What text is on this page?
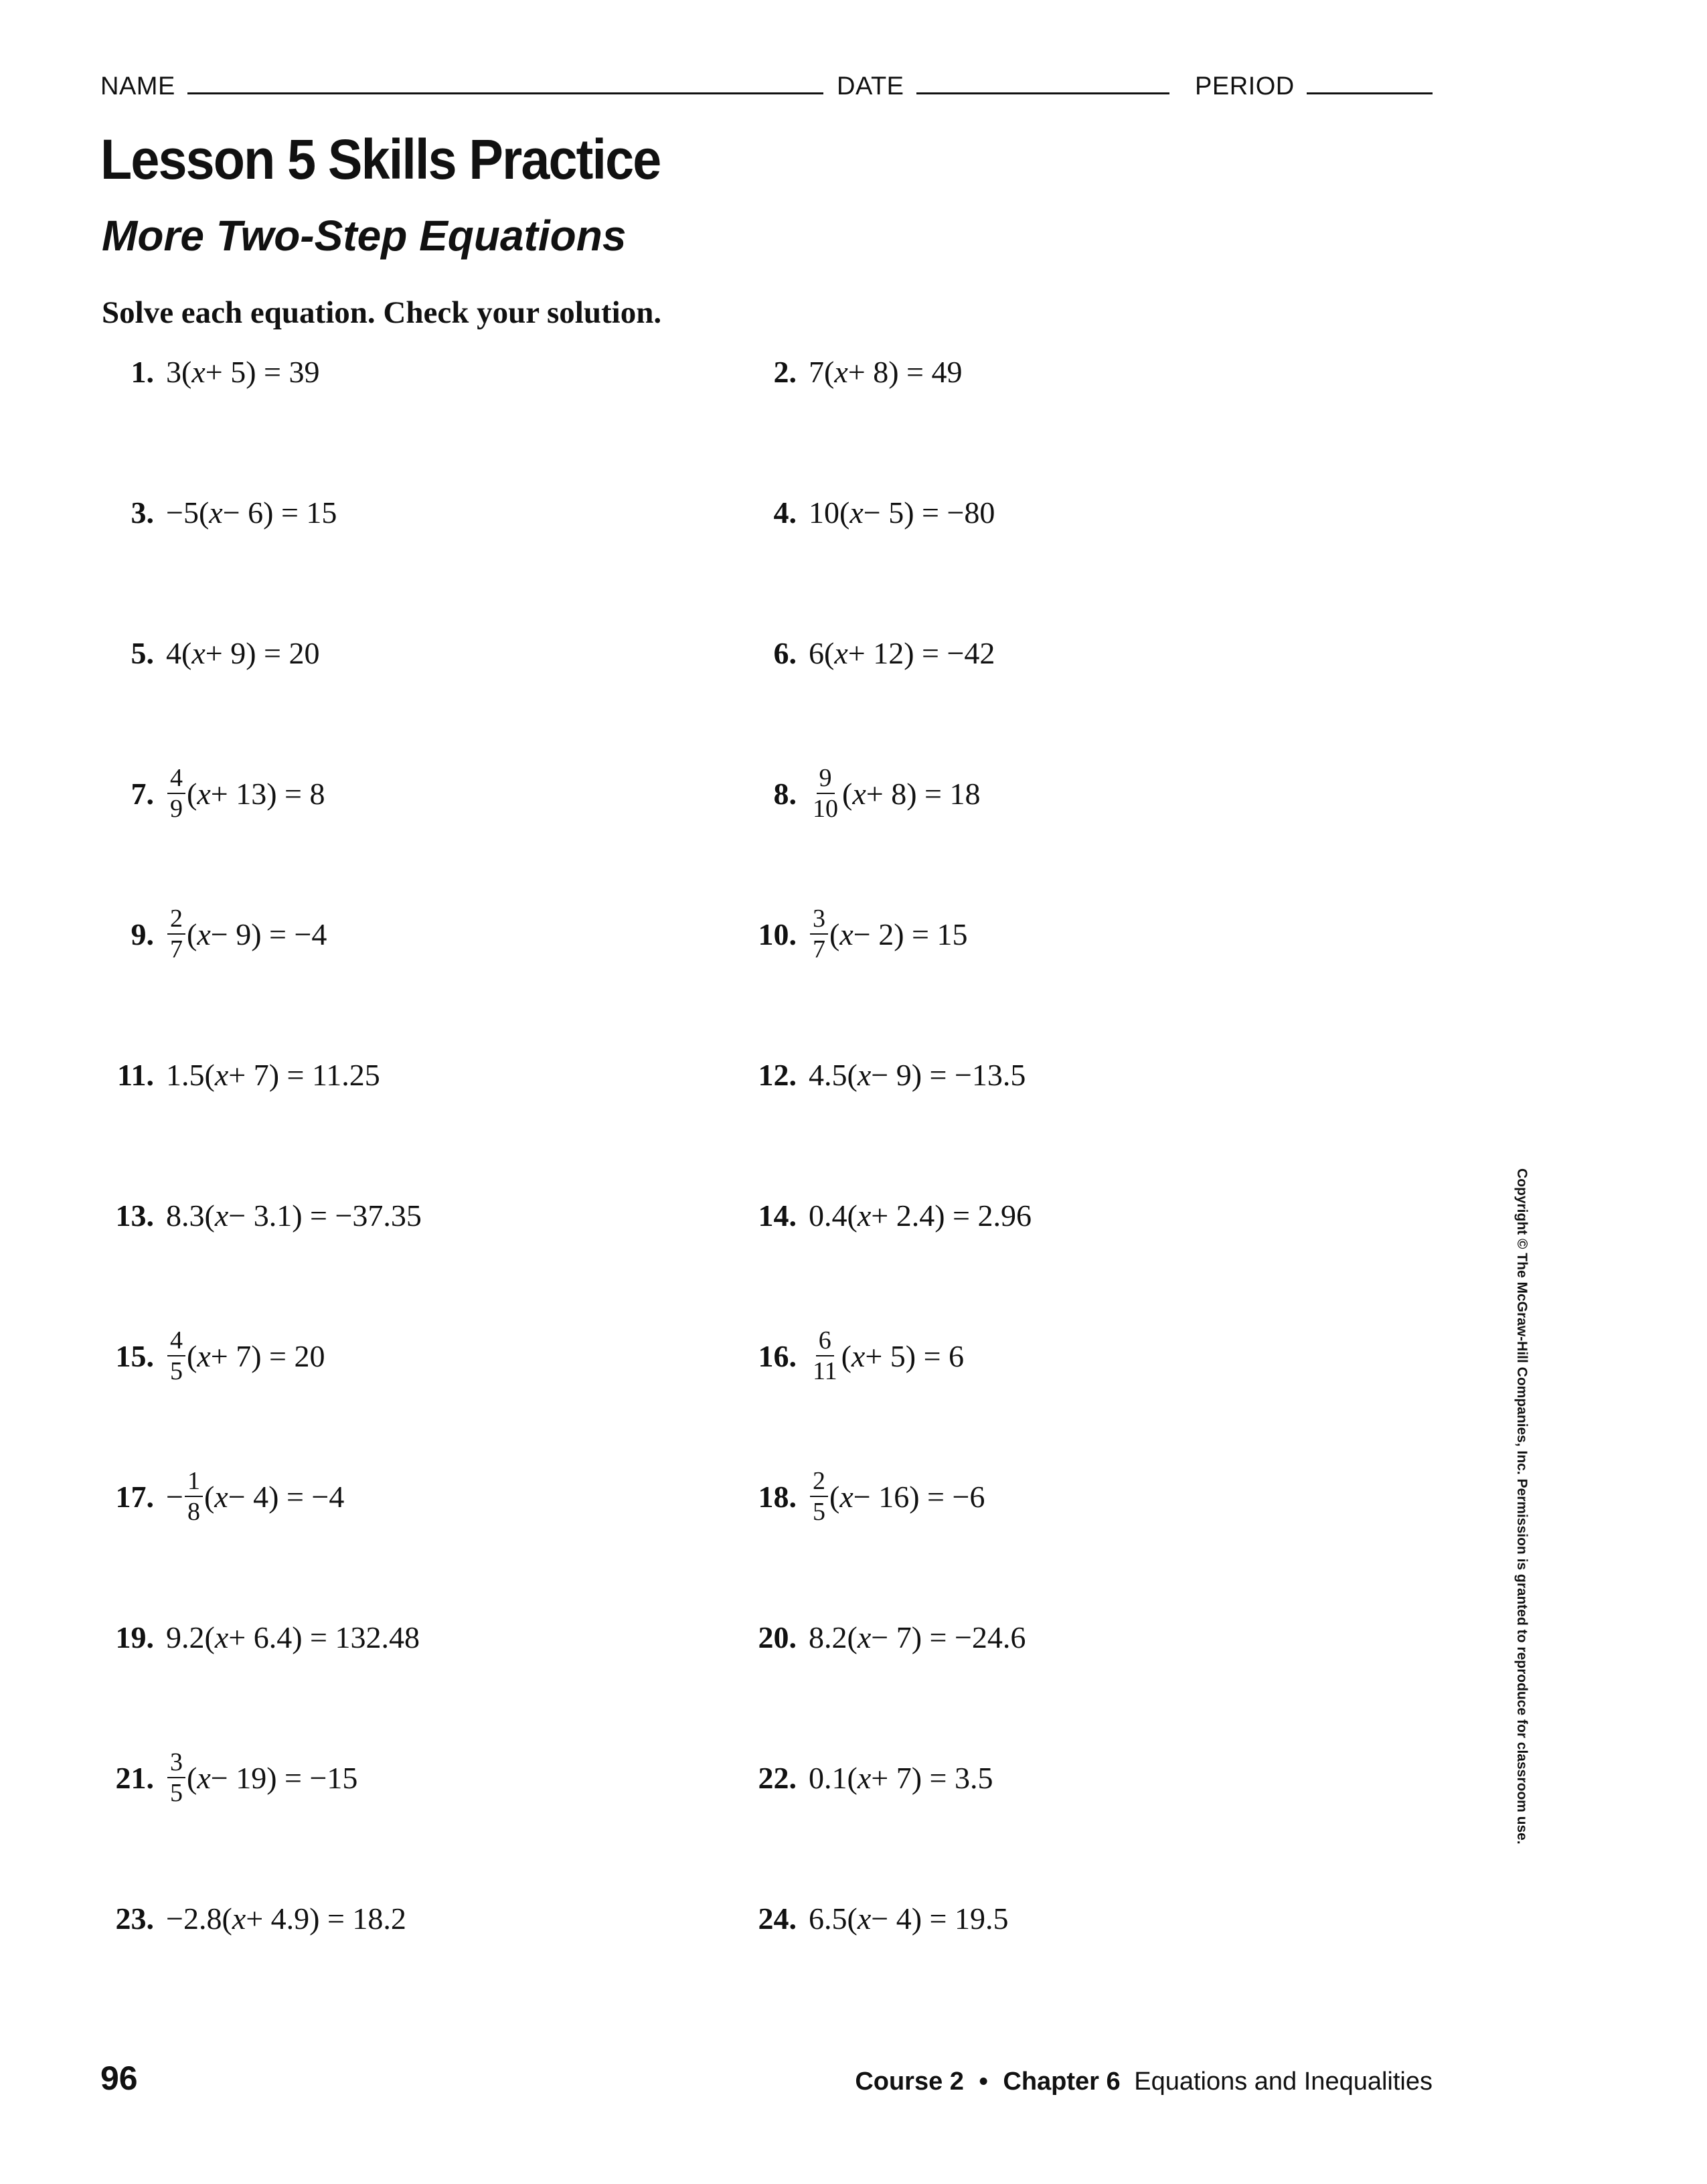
NAME	DATE	PERIOD
Lesson 5 Skills Practice
More Two-Step Equations
Solve each equation. Check your solution.
1. 3( x + 5) = 39	2. 7( x + 8) = 49
3. −5( x − 6) = 15	4. 10( x − 5) = −80
5. 4( x + 9) = 20	6. 6( x + 12) = −42
7. $\frac{4}{9}$ ( x + 13) = 8	8. $\frac{9}{10}$ ( x + 8) = 18
9. $\frac{2}{7}$ ( x − 9) = −4	10. $\frac{3}{7}$ ( x − 2) = 15
11. 1.5( x + 7) = 11.25	12. 4.5( x − 9) = −13.5
13. 8.3( x − 3.1) = −37.35	14. 0.4( x + 2.4) = 2.96
15. $\frac{4}{5}$ ( x + 7) = 20	16. $\frac{6}{11}$ ( x + 5) = 6
17. − $\frac{1}{8}$ ( x − 4) = −4	18. $\frac{2}{5}$ ( x − 16) = −6
19. 9.2( x + 6.4) = 132.48	20. 8.2( x − 7) = −24.6
21. $\frac{3}{5}$ ( x − 19) = −15	22. 0.1( x + 7) = 3.5
23. −2.8( x + 4.9) = 18.2	24. 6.5( x − 4) = 19.5
Copyright © The McGraw-Hill Companies, Inc. Permission is granted to reproduce for classroom use.
96	Course 2 • Chapter 6 Equations and Inequalities
